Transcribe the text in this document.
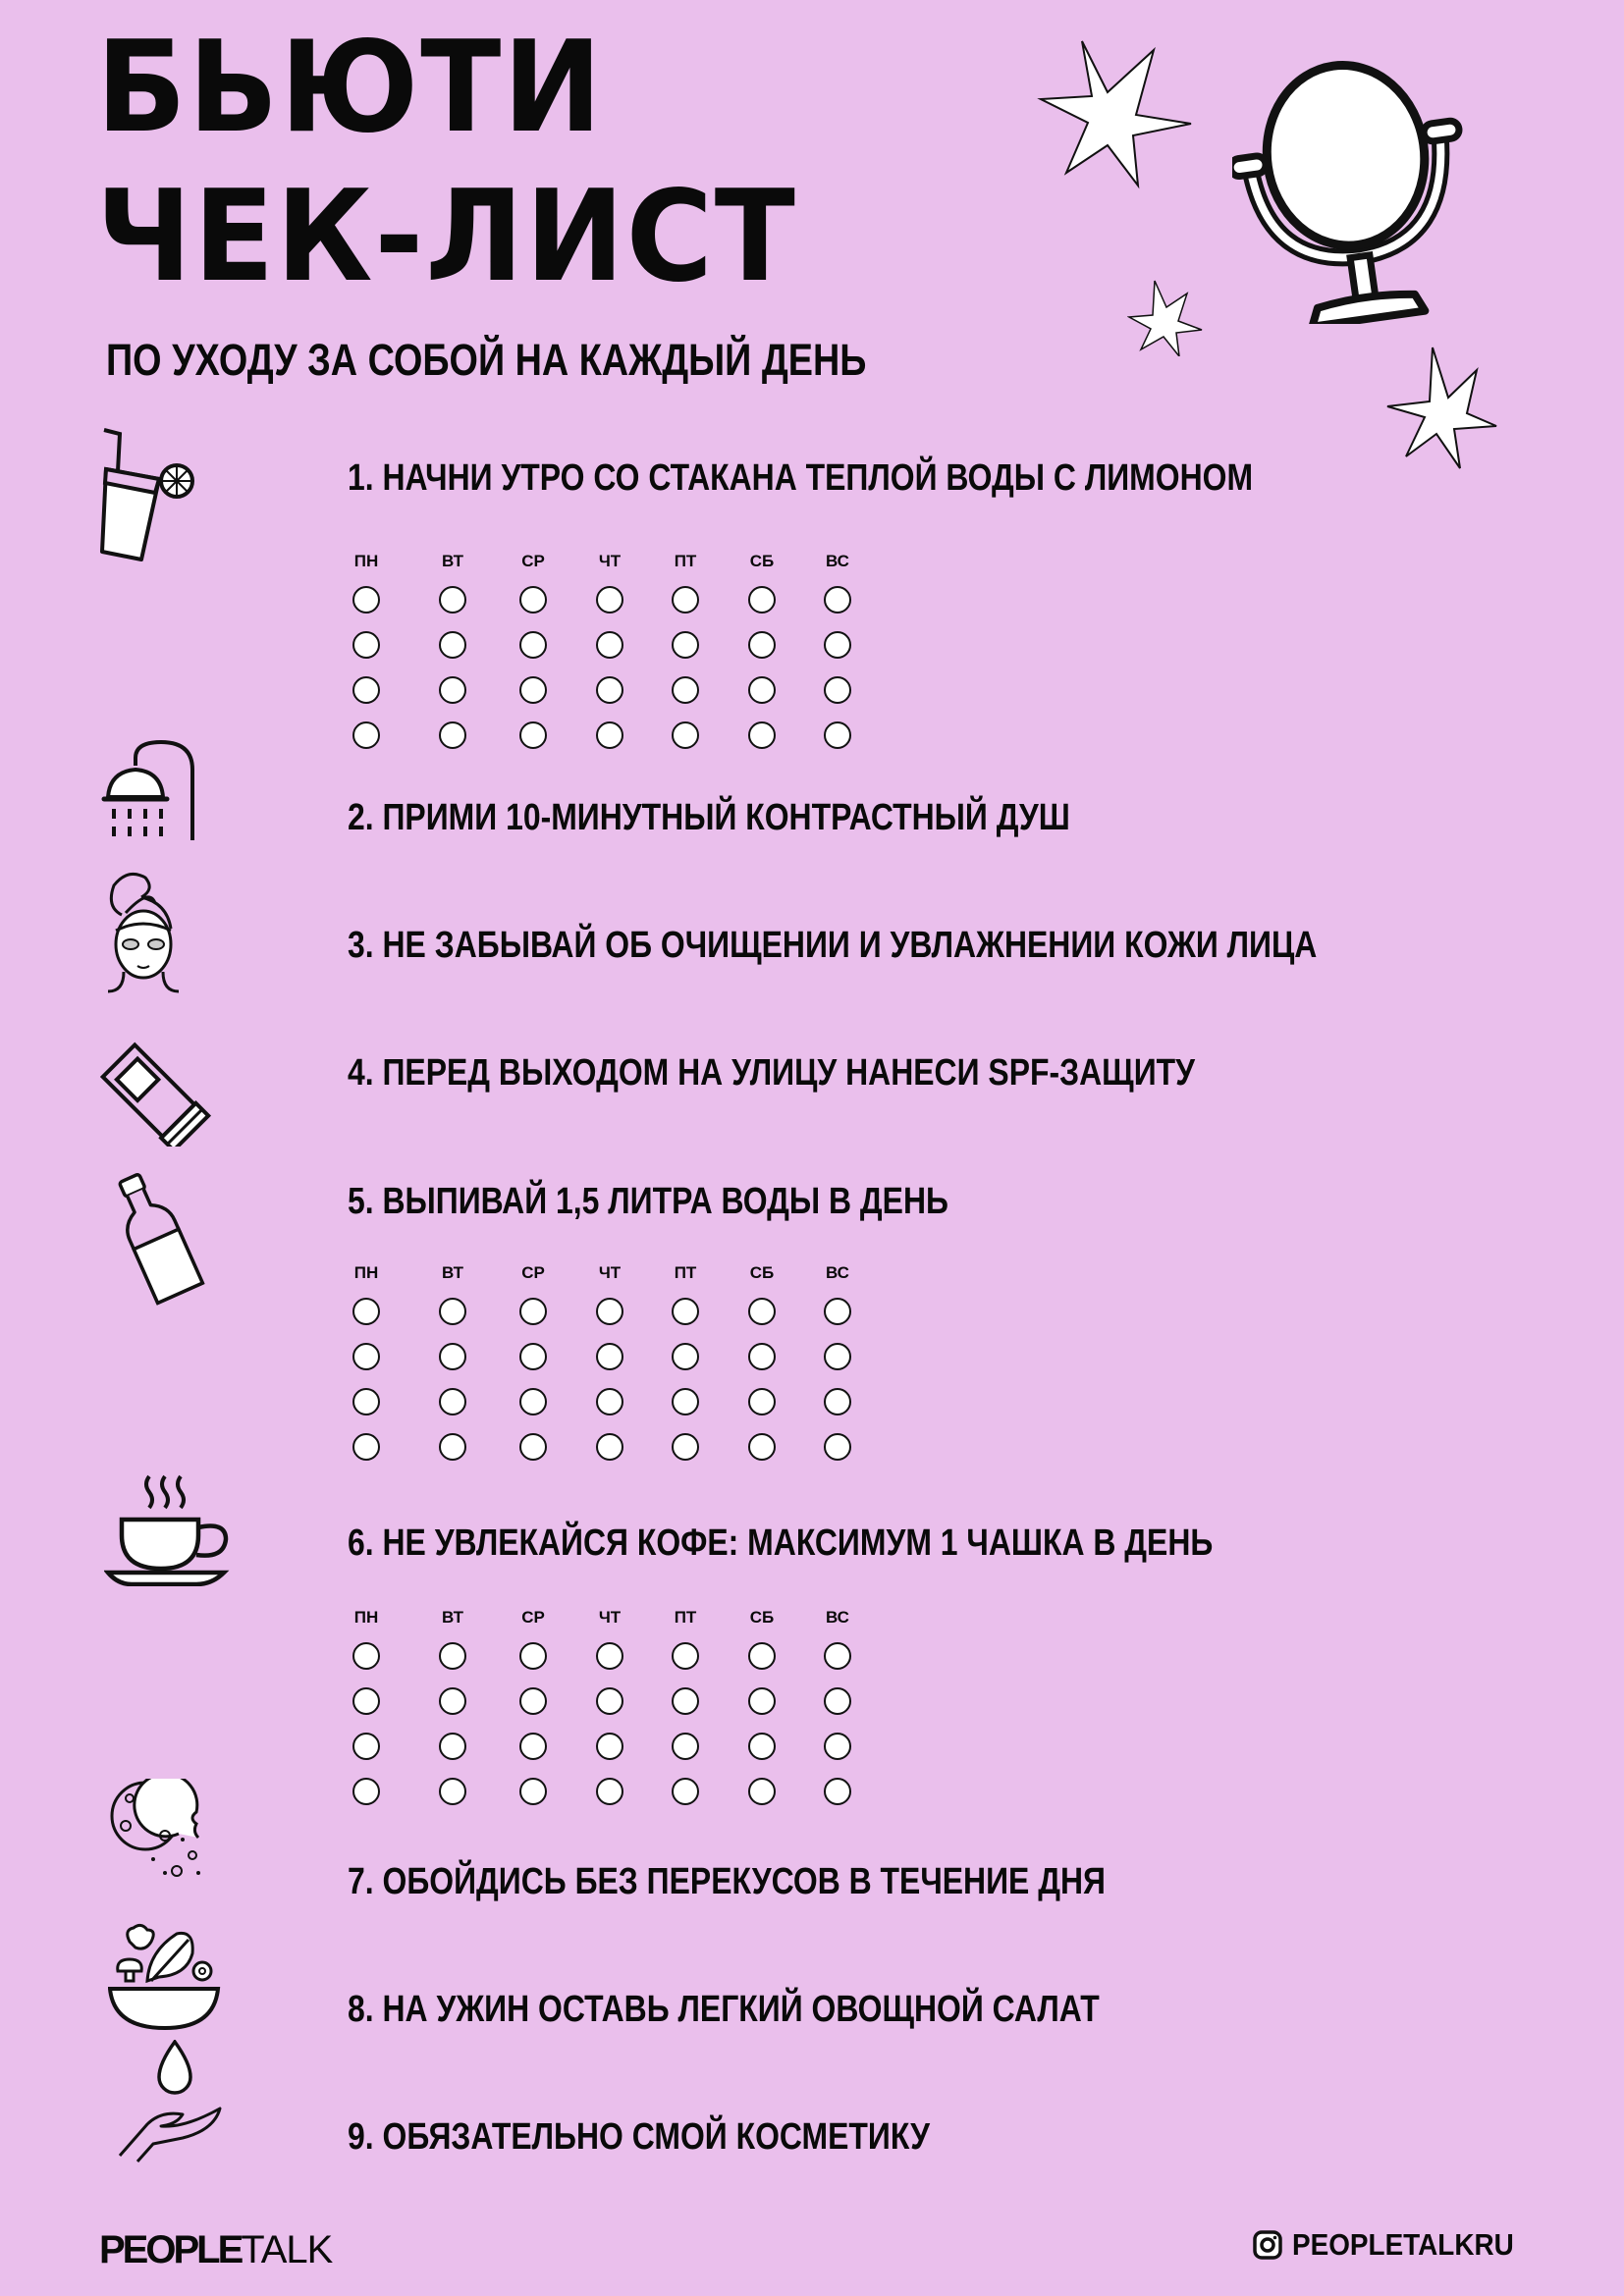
БЬЮТИ
ЧЕК-ЛИСТ
ПО УХОДУ ЗА СОБОЙ НА КАЖДЫЙ ДЕНЬ
1. НАЧНИ УТРО СО СТАКАНА ТЕПЛОЙ ВОДЫ С ЛИМОНОМ
2. ПРИМИ 10-МИНУТНЫЙ КОНТРАСТНЫЙ ДУШ
3. НЕ ЗАБЫВАЙ ОБ ОЧИЩЕНИИ И УВЛАЖНЕНИИ КОЖИ ЛИЦА
4. ПЕРЕД ВЫХОДОМ НА УЛИЦУ НАНЕСИ SPF-ЗАЩИТУ
5. ВЫПИВАЙ 1,5 ЛИТРА ВОДЫ В ДЕНЬ
6. НЕ УВЛЕКАЙСЯ КОФЕ: МАКСИМУМ 1 ЧАШКА В ДЕНЬ
7. ОБОЙДИСЬ БЕЗ ПЕРЕКУСОВ В ТЕЧЕНИЕ ДНЯ
8. НА УЖИН ОСТАВЬ ЛЕГКИЙ ОВОЩНОЙ САЛАТ
9. ОБЯЗАТЕЛЬНО СМОЙ КОСМЕТИКУ
ПН	ВТ	СР	ЧТ	ПТ	СБ	ВС
ПН	ВТ	СР	ЧТ	ПТ	СБ	ВС
ПН	ВТ	СР	ЧТ	ПТ	СБ	ВС
PEOPLETALK	PEOPLETALKRU
